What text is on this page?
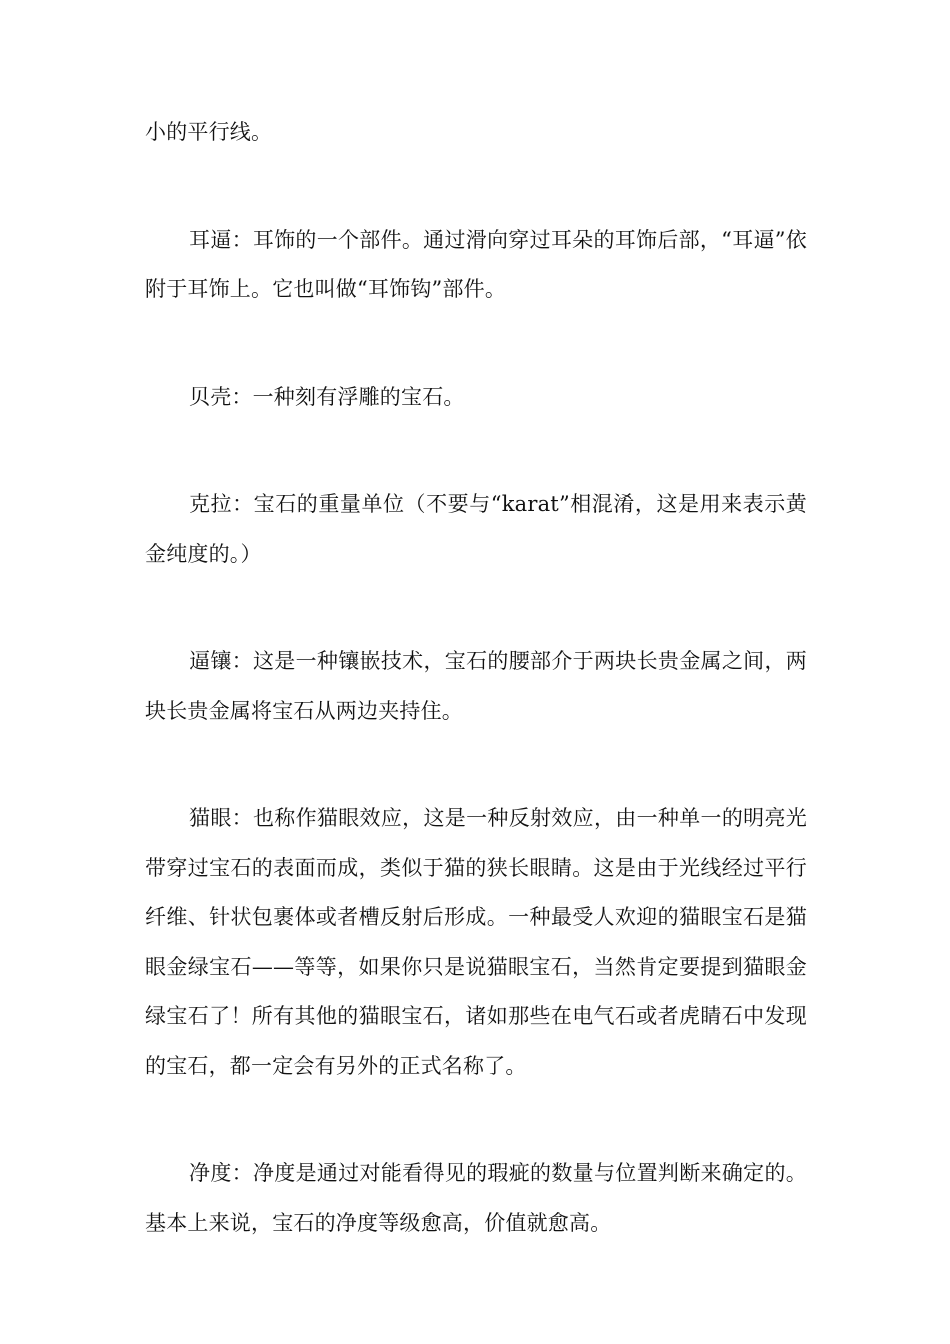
小的平行线。

耳逼：耳饰的一个部件。通过滑向穿过耳朵的耳饰后部，“耳逼”依附于耳饰上。它也叫做“耳饰钩”部件。

贝壳：一种刻有浮雕的宝石。

克拉：宝石的重量单位（不要与“karat”相混淆，这是用来表示黄金纯度的。）

逼镶：这是一种镶嵌技术，宝石的腰部介于两块长贵金属之间，两块长贵金属将宝石从两边夹持住。

猫眼：也称作猫眼效应，这是一种反射效应，由一种单一的明亮光带穿过宝石的表面而成，类似于猫的狭长眼睛。这是由于光线经过平行纤维、针状包裹体或者槽反射后形成。一种最受人欢迎的猫眼宝石是猫眼金绿宝石——等等，如果你只是说猫眼宝石，当然肯定要提到猫眼金绿宝石了！所有其他的猫眼宝石，诸如那些在电气石或者虎睛石中发现的宝石，都一定会有另外的正式名称了。

净度：净度是通过对能看得见的瑕疵的数量与位置判断来确定的。基本上来说，宝石的净度等级愈高，价值就愈高。
